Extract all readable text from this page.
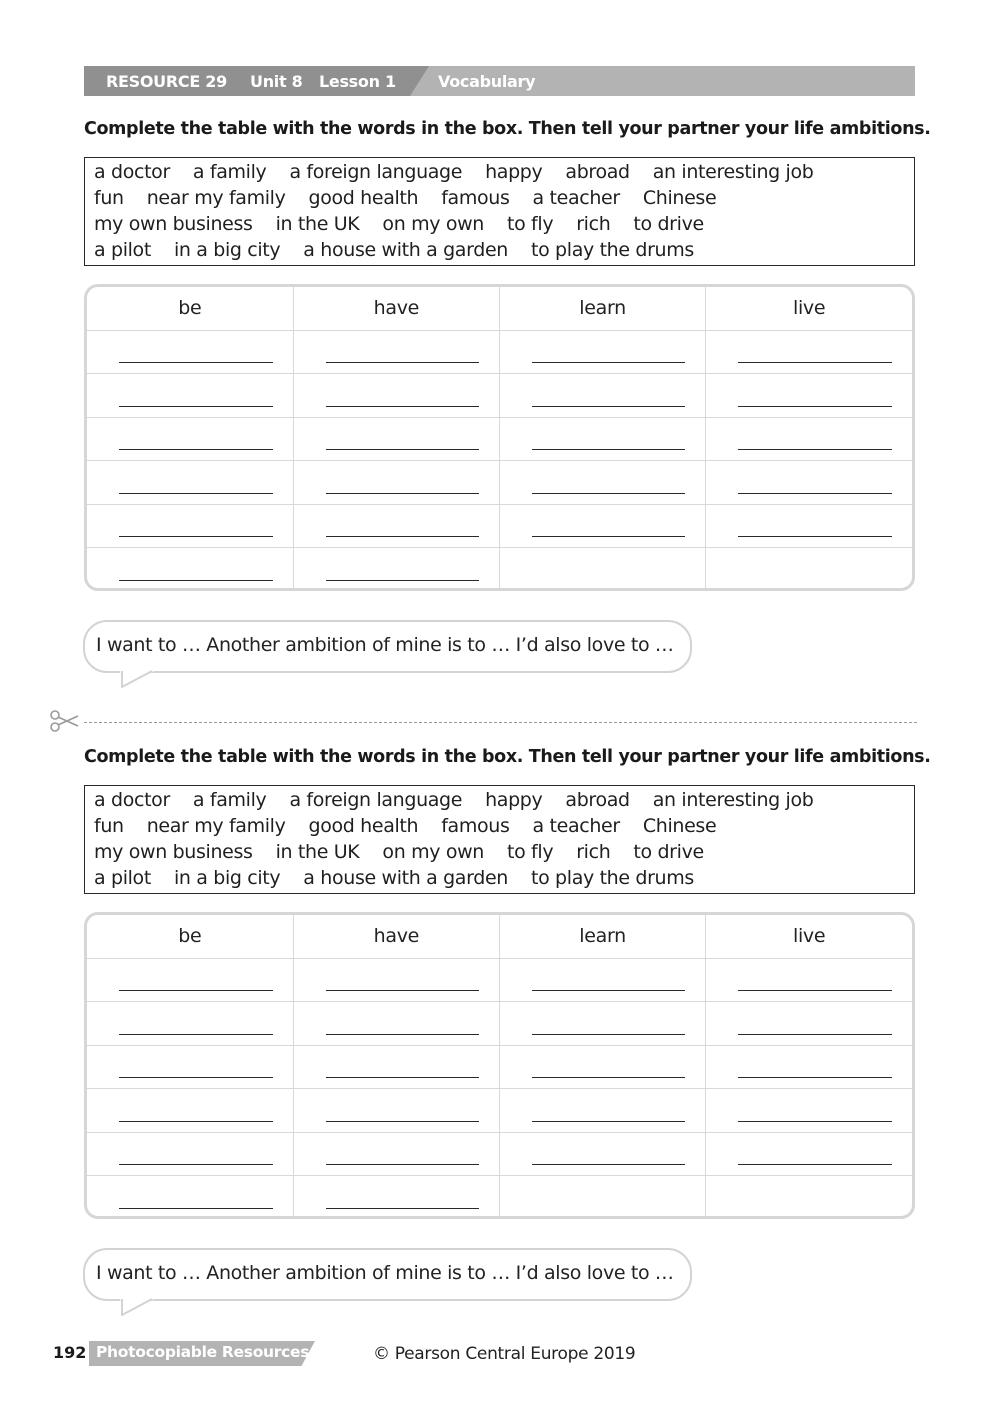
RESOURCE 29 Unit 8 Lesson 1	Vocabulary
Complete the table with the words in the box. Then tell your partner your life ambitions.
a doctor a family a foreign language happy abroad an interesting job
fun near my family good health famous a teacher Chinese
my own business in the UK on my own to fly rich to drive
a pilot in a big city a house with a garden to play the drums
be	have	learn	live

I want to … Another ambition of mine is to … I’d also love to …
Complete the table with the words in the box. Then tell your partner your life ambitions.
a doctor a family a foreign language happy abroad an interesting job
fun near my family good health famous a teacher Chinese
my own business in the UK on my own to fly rich to drive
a pilot in a big city a house with a garden to play the drums
be	have	learn	live

I want to … Another ambition of mine is to … I’d also love to …
192 Photocopiable Resources	© Pearson Central Europe 2019
